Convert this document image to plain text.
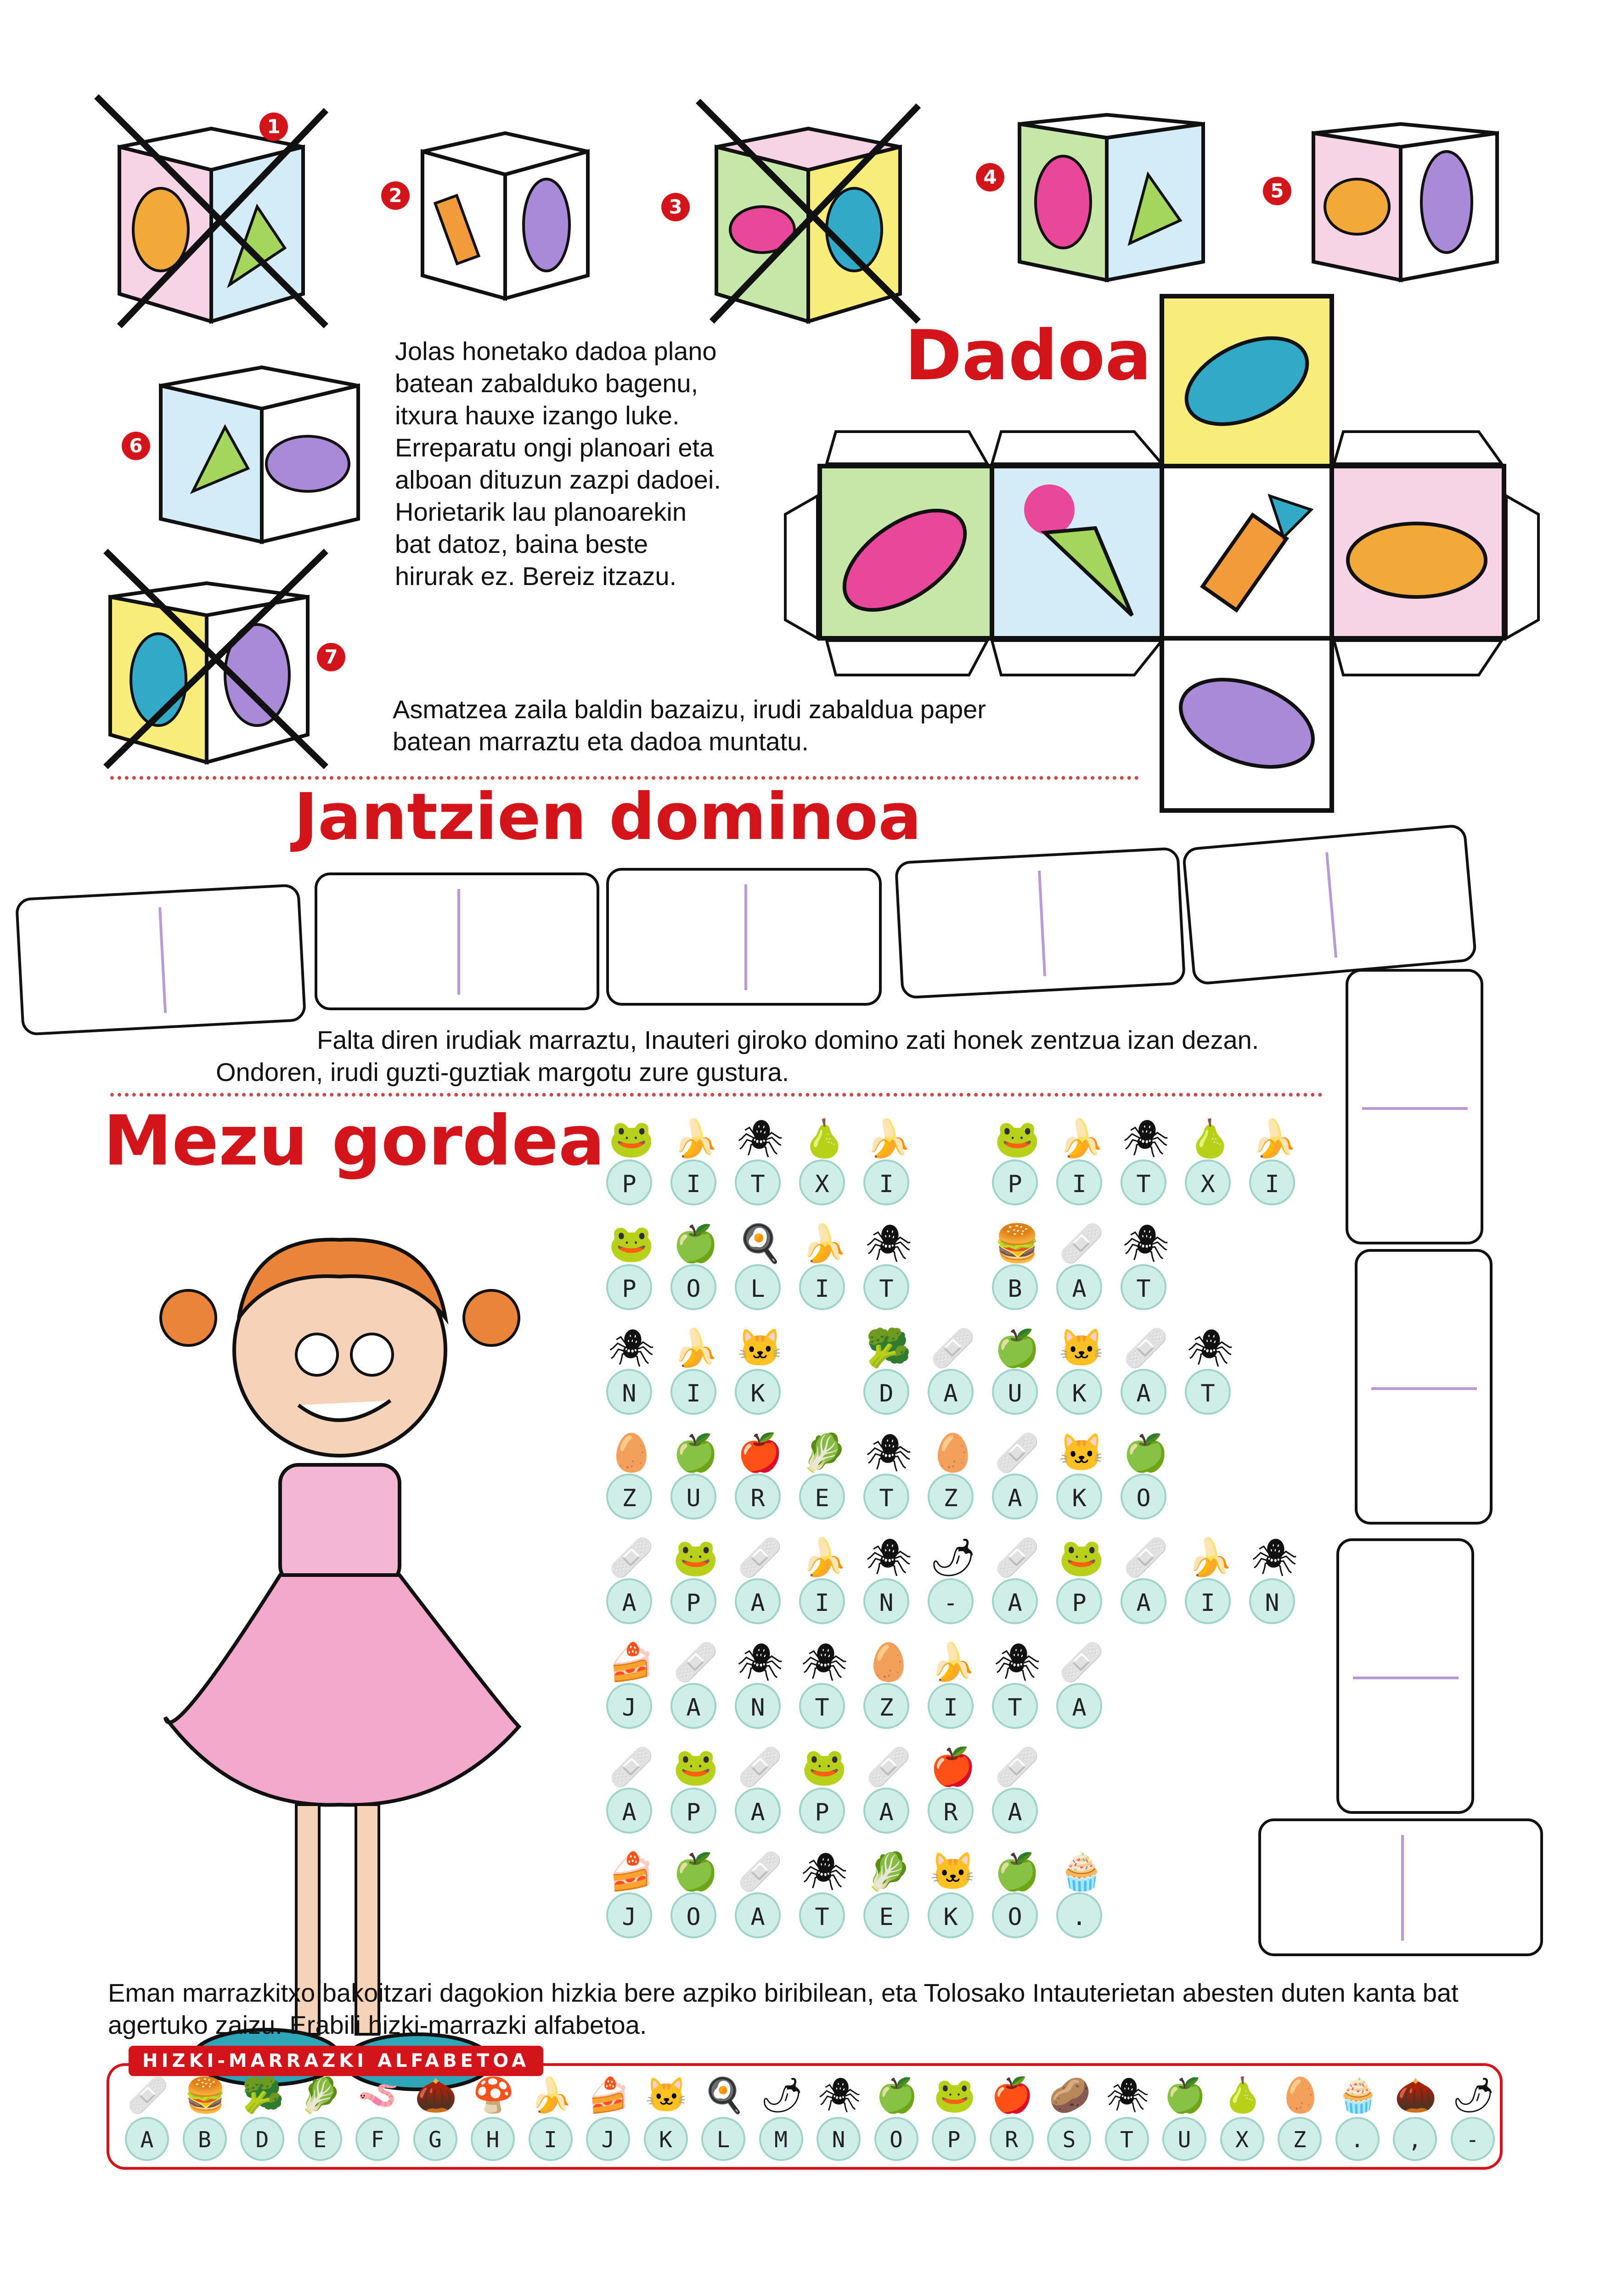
1
2
3
4
5
6
7
Jolas honetako dadoa plano batean zabalduko bagenu, itxura hauxe izango luke. Erreparatu ongi planoari eta alboan dituzun zazpi dadoei. Horietarik lau planoarekin bat datoz, baina beste hirurak ez. Bereiz itzazu.
Asmatzea zaila baldin bazaizu, irudi zabaldua paper batean marraztu eta dadoa muntatu.
Dadoa
Jantzien dominoa
Falta diren irudiak marraztu, Inauteri giroko domino zati honek zentzua izan dezan. Ondoren, irudi guzti-guztiak margotu zure gustura.
Mezu gordea 🐸
P
🍌
I
🕷
T
🍐
X
🍌
I
🐸
P
🍌
I
🕷
T
🍐
X
🍌
I
🐸
P
🍏
O
🍳
L
🍌
I
🕷
T
🍔
B
🩹
A
🕷
T
🕷
N
🍌
I
🐱
K
🥦
D
🩹
A
🍏
U
🐱
K
🩹
A
🕷
T
🥚
Z
🍏
U
🍎
R
🥬
E
🕷
T
🥚
Z
🩹
A
🐱
K
🍏
O
🩹
A
🐸
P
🩹
A
🍌
I
🕷
N
🌶
-
🩹
A
🐸
P
🩹
A
🍌
I
🕷
N
🍰
J
🩹
A
🕷
N
🕷
T
🥚
Z
🍌
I
🕷
T
🩹
A
🩹
A
🐸
P
🩹
A
🐸
P
🩹
A
🍎
R
🩹
A
🍰
J
🍏
O
🩹
A
🕷
T
🥬
E
🐱
K
🍏
O
🧁
.
Eman marrazkitxo bakoitzari dagokion hizkia bere azpiko biribilean, eta Tolosako Intauterietan abesten duten kanta bat agertuko zaizu. Erabili hizki-marrazki alfabetoa.
HIZKI-MARRAZKI ALFABETOA
🩹
A
🍔
B
🥦
D
🥬
E
🪱
F
🌰
G
🍄
H
🍌
I
🍰
J
🐱
K
🍳
L
🌶
M
🕷
N
🍏
O
🐸
P
🍎
R
🥔
S
🕷
T
🍏
U
🍐
X
🥚
Z
🧁
.
🌰
,
🌶
-
